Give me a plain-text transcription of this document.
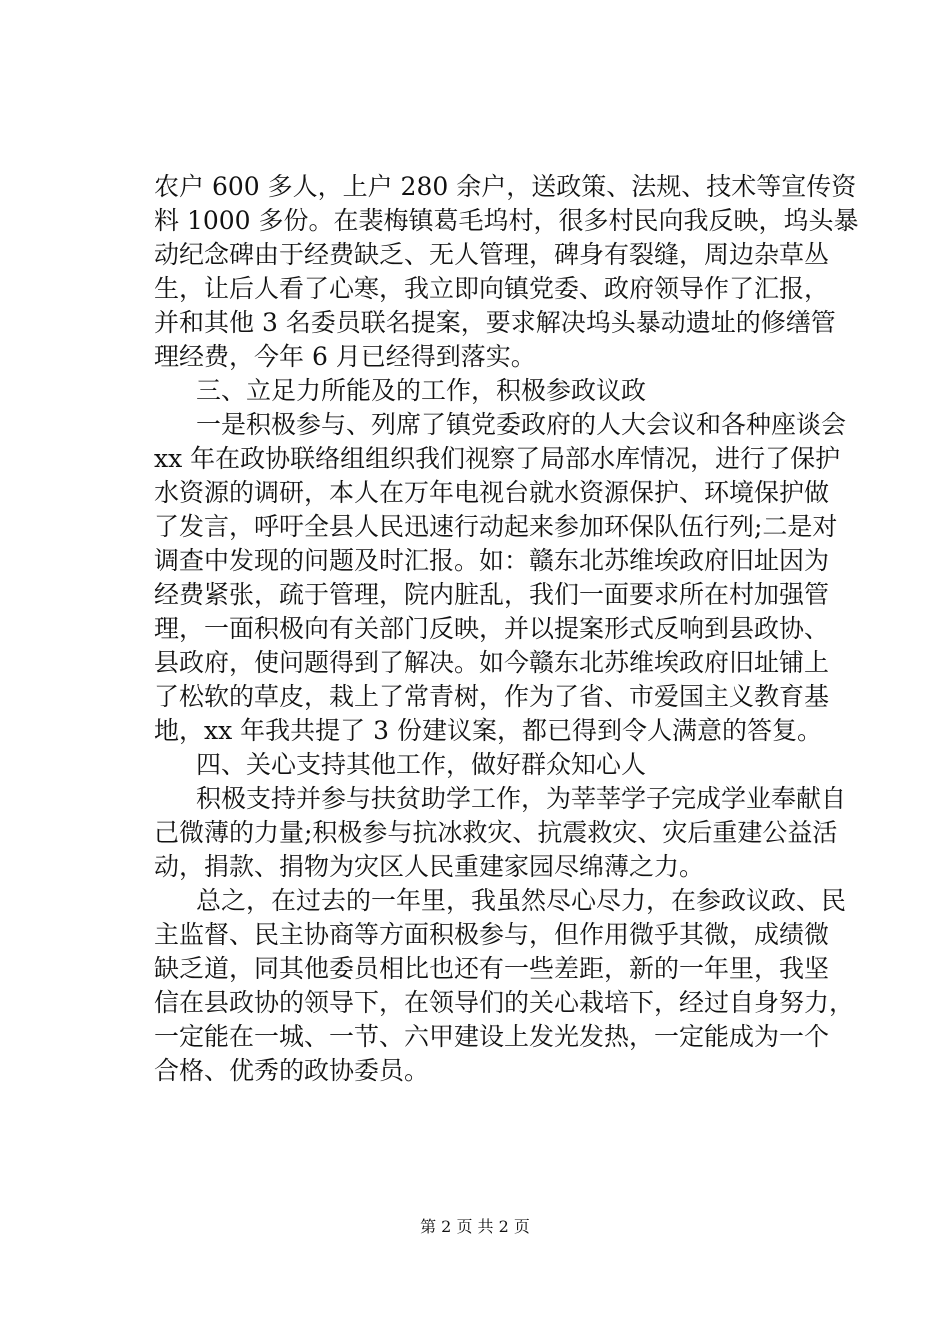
农户 600 多人，上户 280 余户，送政策、法规、技术等宣传资
料 1000 多份。在裴梅镇葛毛坞村，很多村民向我反映，坞头暴
动纪念碑由于经费缺乏、无人管理，碑身有裂缝，周边杂草丛
生，让后人看了心寒，我立即向镇党委、政府领导作了汇报，
并和其他 3 名委员联名提案，要求解决坞头暴动遗址的修缮管
理经费，今年 6 月已经得到落实。
三、立足力所能及的工作，积极参政议政
一是积极参与、列席了镇党委政府的人大会议和各种座谈会
xx 年在政协联络组组织我们视察了局部水库情况，进行了保护
水资源的调研，本人在万年电视台就水资源保护、环境保护做
了发言，呼吁全县人民迅速行动起来参加环保队伍行列;二是对
调查中发现的问题及时汇报。如：赣东北苏维埃政府旧址因为
经费紧张，疏于管理，院内脏乱，我们一面要求所在村加强管
理，一面积极向有关部门反映，并以提案形式反响到县政协、
县政府，使问题得到了解决。如今赣东北苏维埃政府旧址铺上
了松软的草皮，栽上了常青树，作为了省、市爱国主义教育基
地，xx 年我共提了 3 份建议案，都已得到令人满意的答复。
四、关心支持其他工作，做好群众知心人
积极支持并参与扶贫助学工作，为莘莘学子完成学业奉献自
己微薄的力量;积极参与抗冰救灾、抗震救灾、灾后重建公益活
动，捐款、捐物为灾区人民重建家园尽绵薄之力。
总之，在过去的一年里，我虽然尽心尽力，在参政议政、民
主监督、民主协商等方面积极参与，但作用微乎其微，成绩微
缺乏道，同其他委员相比也还有一些差距，新的一年里，我坚
信在县政协的领导下，在领导们的关心栽培下，经过自身努力，
一定能在一城、一节、六甲建设上发光发热，一定能成为一个
合格、优秀的政协委员。
第 2 页 共 2 页
